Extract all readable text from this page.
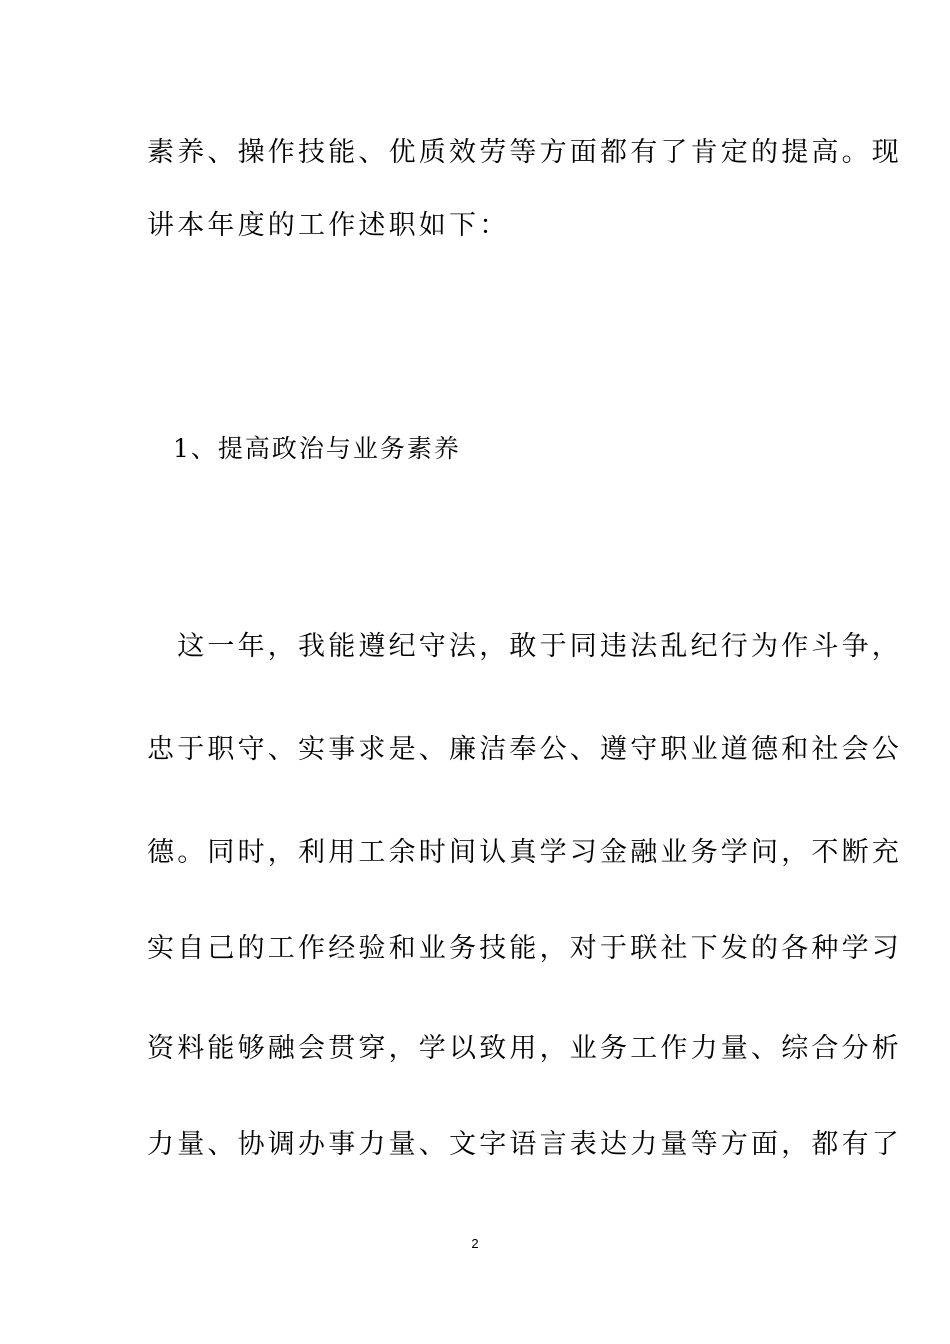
素养、操作技能、优质效劳等方面都有了肯定的提高。现
讲本年度的工作述职如下：
1、提高政治与业务素养
　这一年，我能遵纪守法，敢于同违法乱纪行为作斗争，
忠于职守、实事求是、廉洁奉公、遵守职业道德和社会公
德。同时，利用工余时间认真学习金融业务学问，不断充
实自己的工作经验和业务技能，对于联社下发的各种学习
资料能够融会贯穿，学以致用，业务工作力量、综合分析
力量、协调办事力量、文字语言表达力量等方面，都有了
2
